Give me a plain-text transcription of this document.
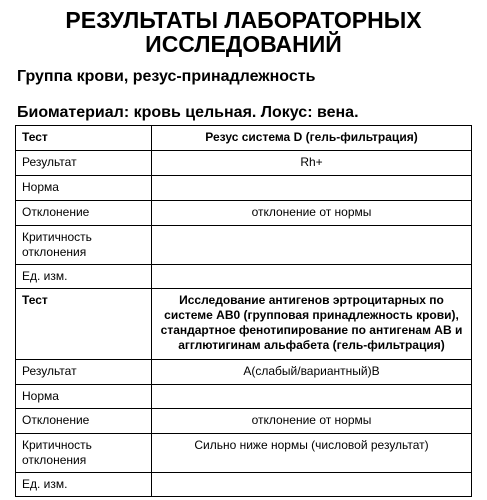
РЕЗУЛЬТАТЫ ЛАБОРАТОРНЫХ
ИССЛЕДОВАНИЙ
Группа крови, резус-принадлежность
Биоматериал: кровь цельная. Локус: вена.
Тест	Резус система D (гель-фильтрация)
Результат	Rh+
Норма	
Отклонение	отклонение от нормы
Критичность отклонения	
Ед. изм.	
Тест	Исследование антигенов эртроцитарных по системе AB0 (групповая принадлежность крови), стандартное фенотипирование по антигенам AB и агглютигинам альфабета (гель-фильтрация)
Результат	A(слабый/вариантный)B
Норма	
Отклонение	отклонение от нормы
Критичность отклонения	Сильно ниже нормы (числовой результат)
Ед. изм.	
